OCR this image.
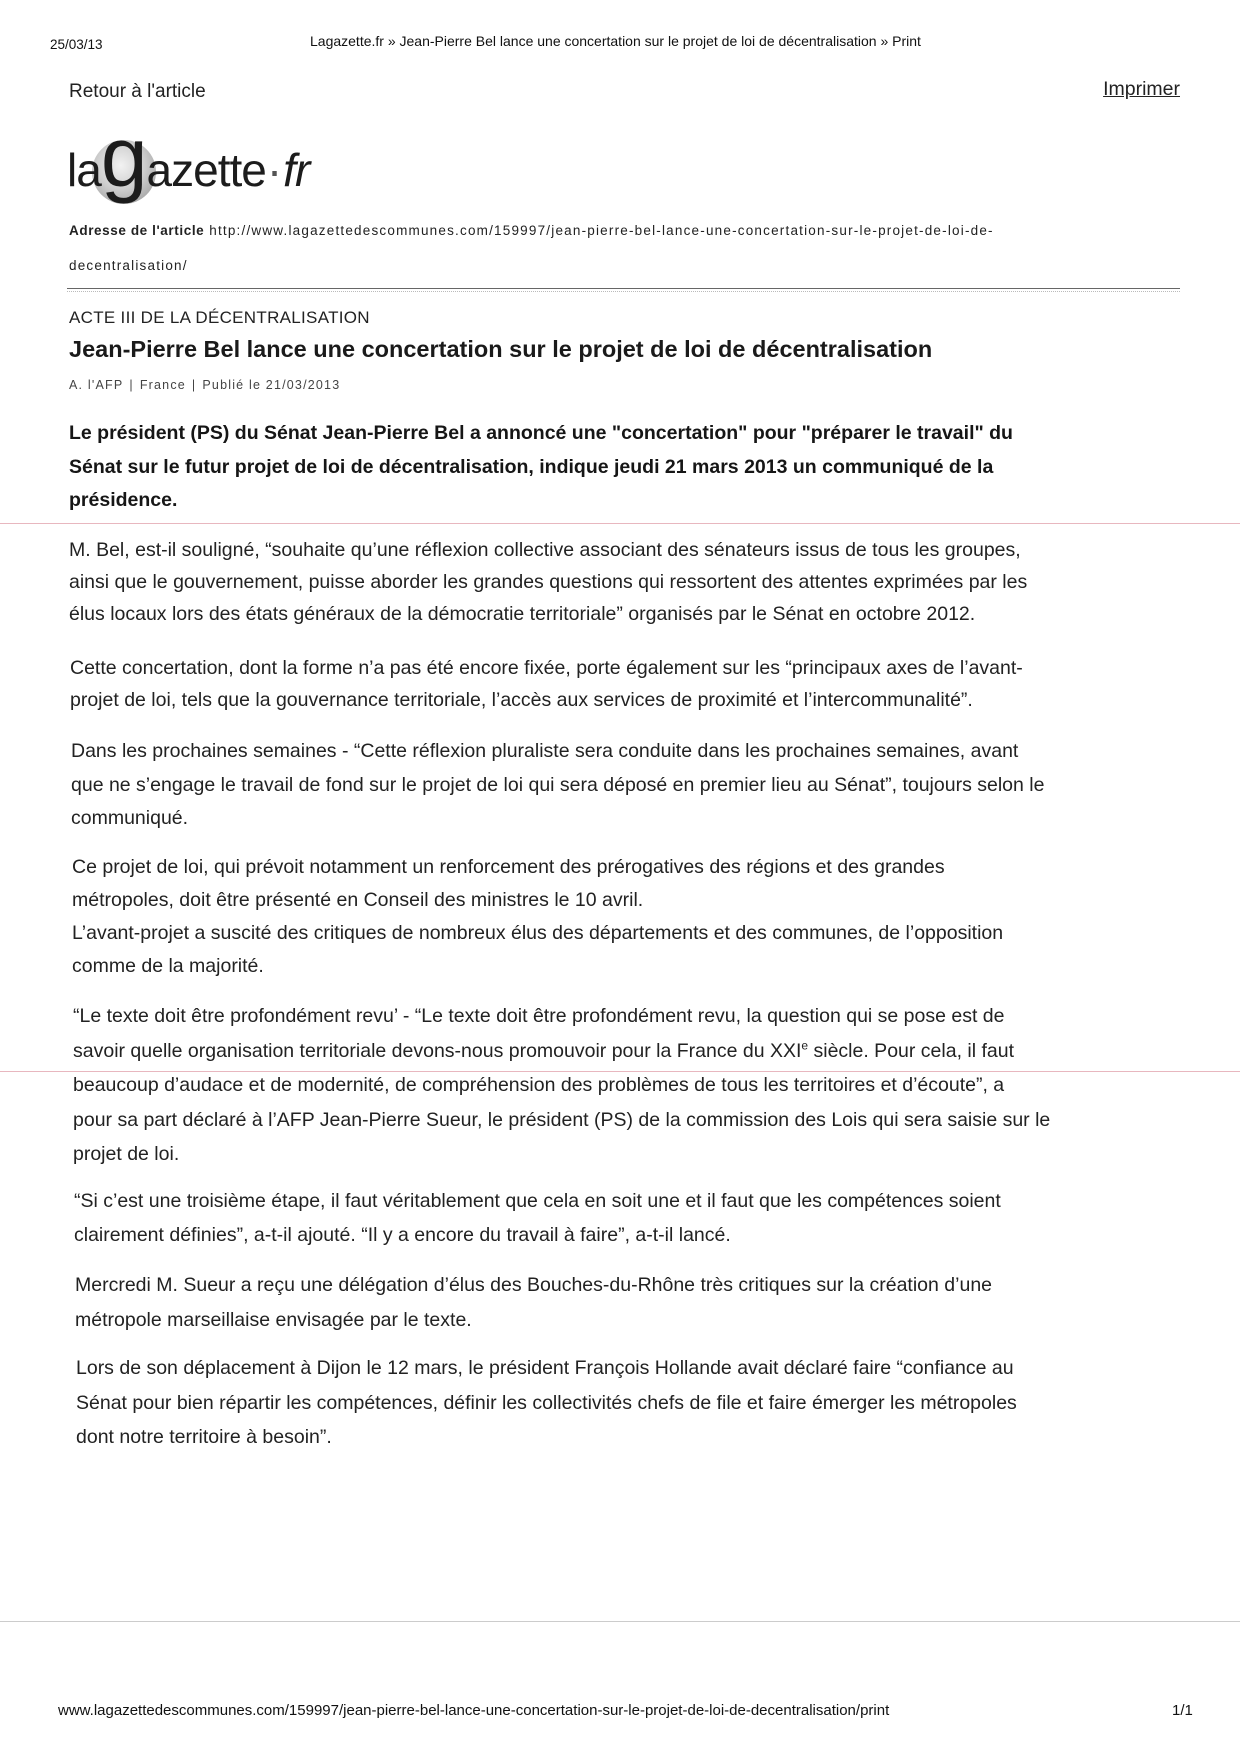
25/03/13	Lagazette.fr » Jean-Pierre Bel lance une concertation sur le projet de loi de décentralisation » Print
Retour à l'article	Imprimer
la g azette · fr
Adresse de l'article http://www.lagazettedescommunes.com/159997/jean-pierre-bel-lance-une-concertation-sur-le-projet-de-loi-de-
decentralisation/
ACTE III DE LA DÉCENTRALISATION
Jean-Pierre Bel lance une concertation sur le projet de loi de décentralisation
A. l'AFP | France | Publié le 21/03/2013
Le président (PS) du Sénat Jean-Pierre Bel a annoncé une "concertation" pour "préparer le travail" du
Sénat sur le futur projet de loi de décentralisation, indique jeudi 21 mars 2013 un communiqué de la
présidence.
M. Bel, est-il souligné, “souhaite qu’une réflexion collective associant des sénateurs issus de tous les groupes,
ainsi que le gouvernement, puisse aborder les grandes questions qui ressortent des attentes exprimées par les
élus locaux lors des états généraux de la démocratie territoriale” organisés par le Sénat en octobre 2012.
Cette concertation, dont la forme n’a pas été encore fixée, porte également sur les “principaux axes de l’avant-
projet de loi, tels que la gouvernance territoriale, l’accès aux services de proximité et l’intercommunalité”.
Dans les prochaines semaines - “Cette réflexion pluraliste sera conduite dans les prochaines semaines, avant
que ne s’engage le travail de fond sur le projet de loi qui sera déposé en premier lieu au Sénat”, toujours selon le
communiqué.
Ce projet de loi, qui prévoit notamment un renforcement des prérogatives des régions et des grandes
métropoles, doit être présenté en Conseil des ministres le 10 avril.
L’avant-projet a suscité des critiques de nombreux élus des départements et des communes, de l’opposition
comme de la majorité.
“Le texte doit être profondément revu’ - “Le texte doit être profondément revu, la question qui se pose est de
savoir quelle organisation territoriale devons-nous promouvoir pour la France du XXIe siècle. Pour cela, il faut
beaucoup d’audace et de modernité, de compréhension des problèmes de tous les territoires et d’écoute”, a
pour sa part déclaré à l’AFP Jean-Pierre Sueur, le président (PS) de la commission des Lois qui sera saisie sur le
projet de loi.
“Si c’est une troisième étape, il faut véritablement que cela en soit une et il faut que les compétences soient
clairement définies”, a-t-il ajouté. “Il y a encore du travail à faire”, a-t-il lancé.
Mercredi M. Sueur a reçu une délégation d’élus des Bouches-du-Rhône très critiques sur la création d’une
métropole marseillaise envisagée par le texte.
Lors de son déplacement à Dijon le 12 mars, le président François Hollande avait déclaré faire “confiance au
Sénat pour bien répartir les compétences, définir les collectivités chefs de file et faire émerger les métropoles
dont notre territoire à besoin”.
www.lagazettedescommunes.com/159997/jean-pierre-bel-lance-une-concertation-sur-le-projet-de-loi-de-decentralisation/print	1/1
